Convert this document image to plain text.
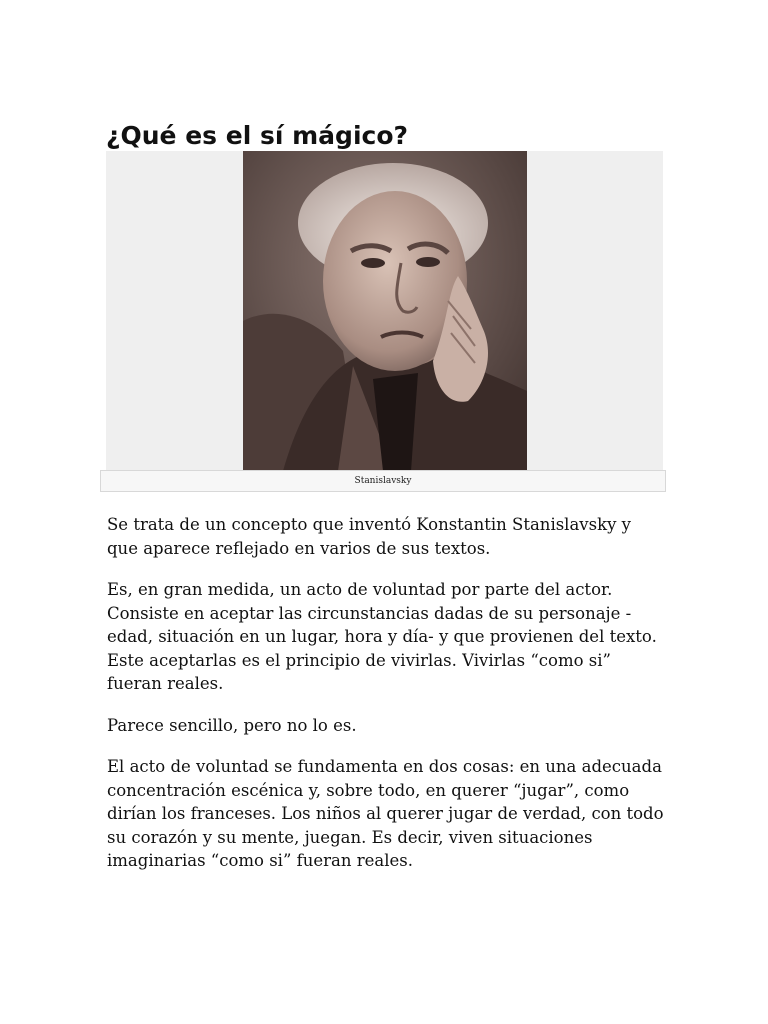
¿Qué es el sí mágico?
Stanislavsky

Se trata de un concepto que inventó Konstantin Stanislavsky y que aparece reflejado en varios de sus textos.

Es, en gran medida, un acto de voluntad por parte del actor. Consiste en aceptar las circunstancias dadas de su personaje -edad, situación en un lugar, hora y día- y que provienen del texto. Este aceptarlas es el principio de vivirlas. Vivirlas “como si” fueran reales.

Parece sencillo, pero no lo es.

El acto de voluntad se fundamenta en dos cosas: en una adecuada concentración escénica y, sobre todo, en querer “jugar”, como dirían los franceses. Los niños al querer jugar de verdad, con todo su corazón y su mente, juegan. Es decir, viven situaciones imaginarias “como si” fueran reales.
